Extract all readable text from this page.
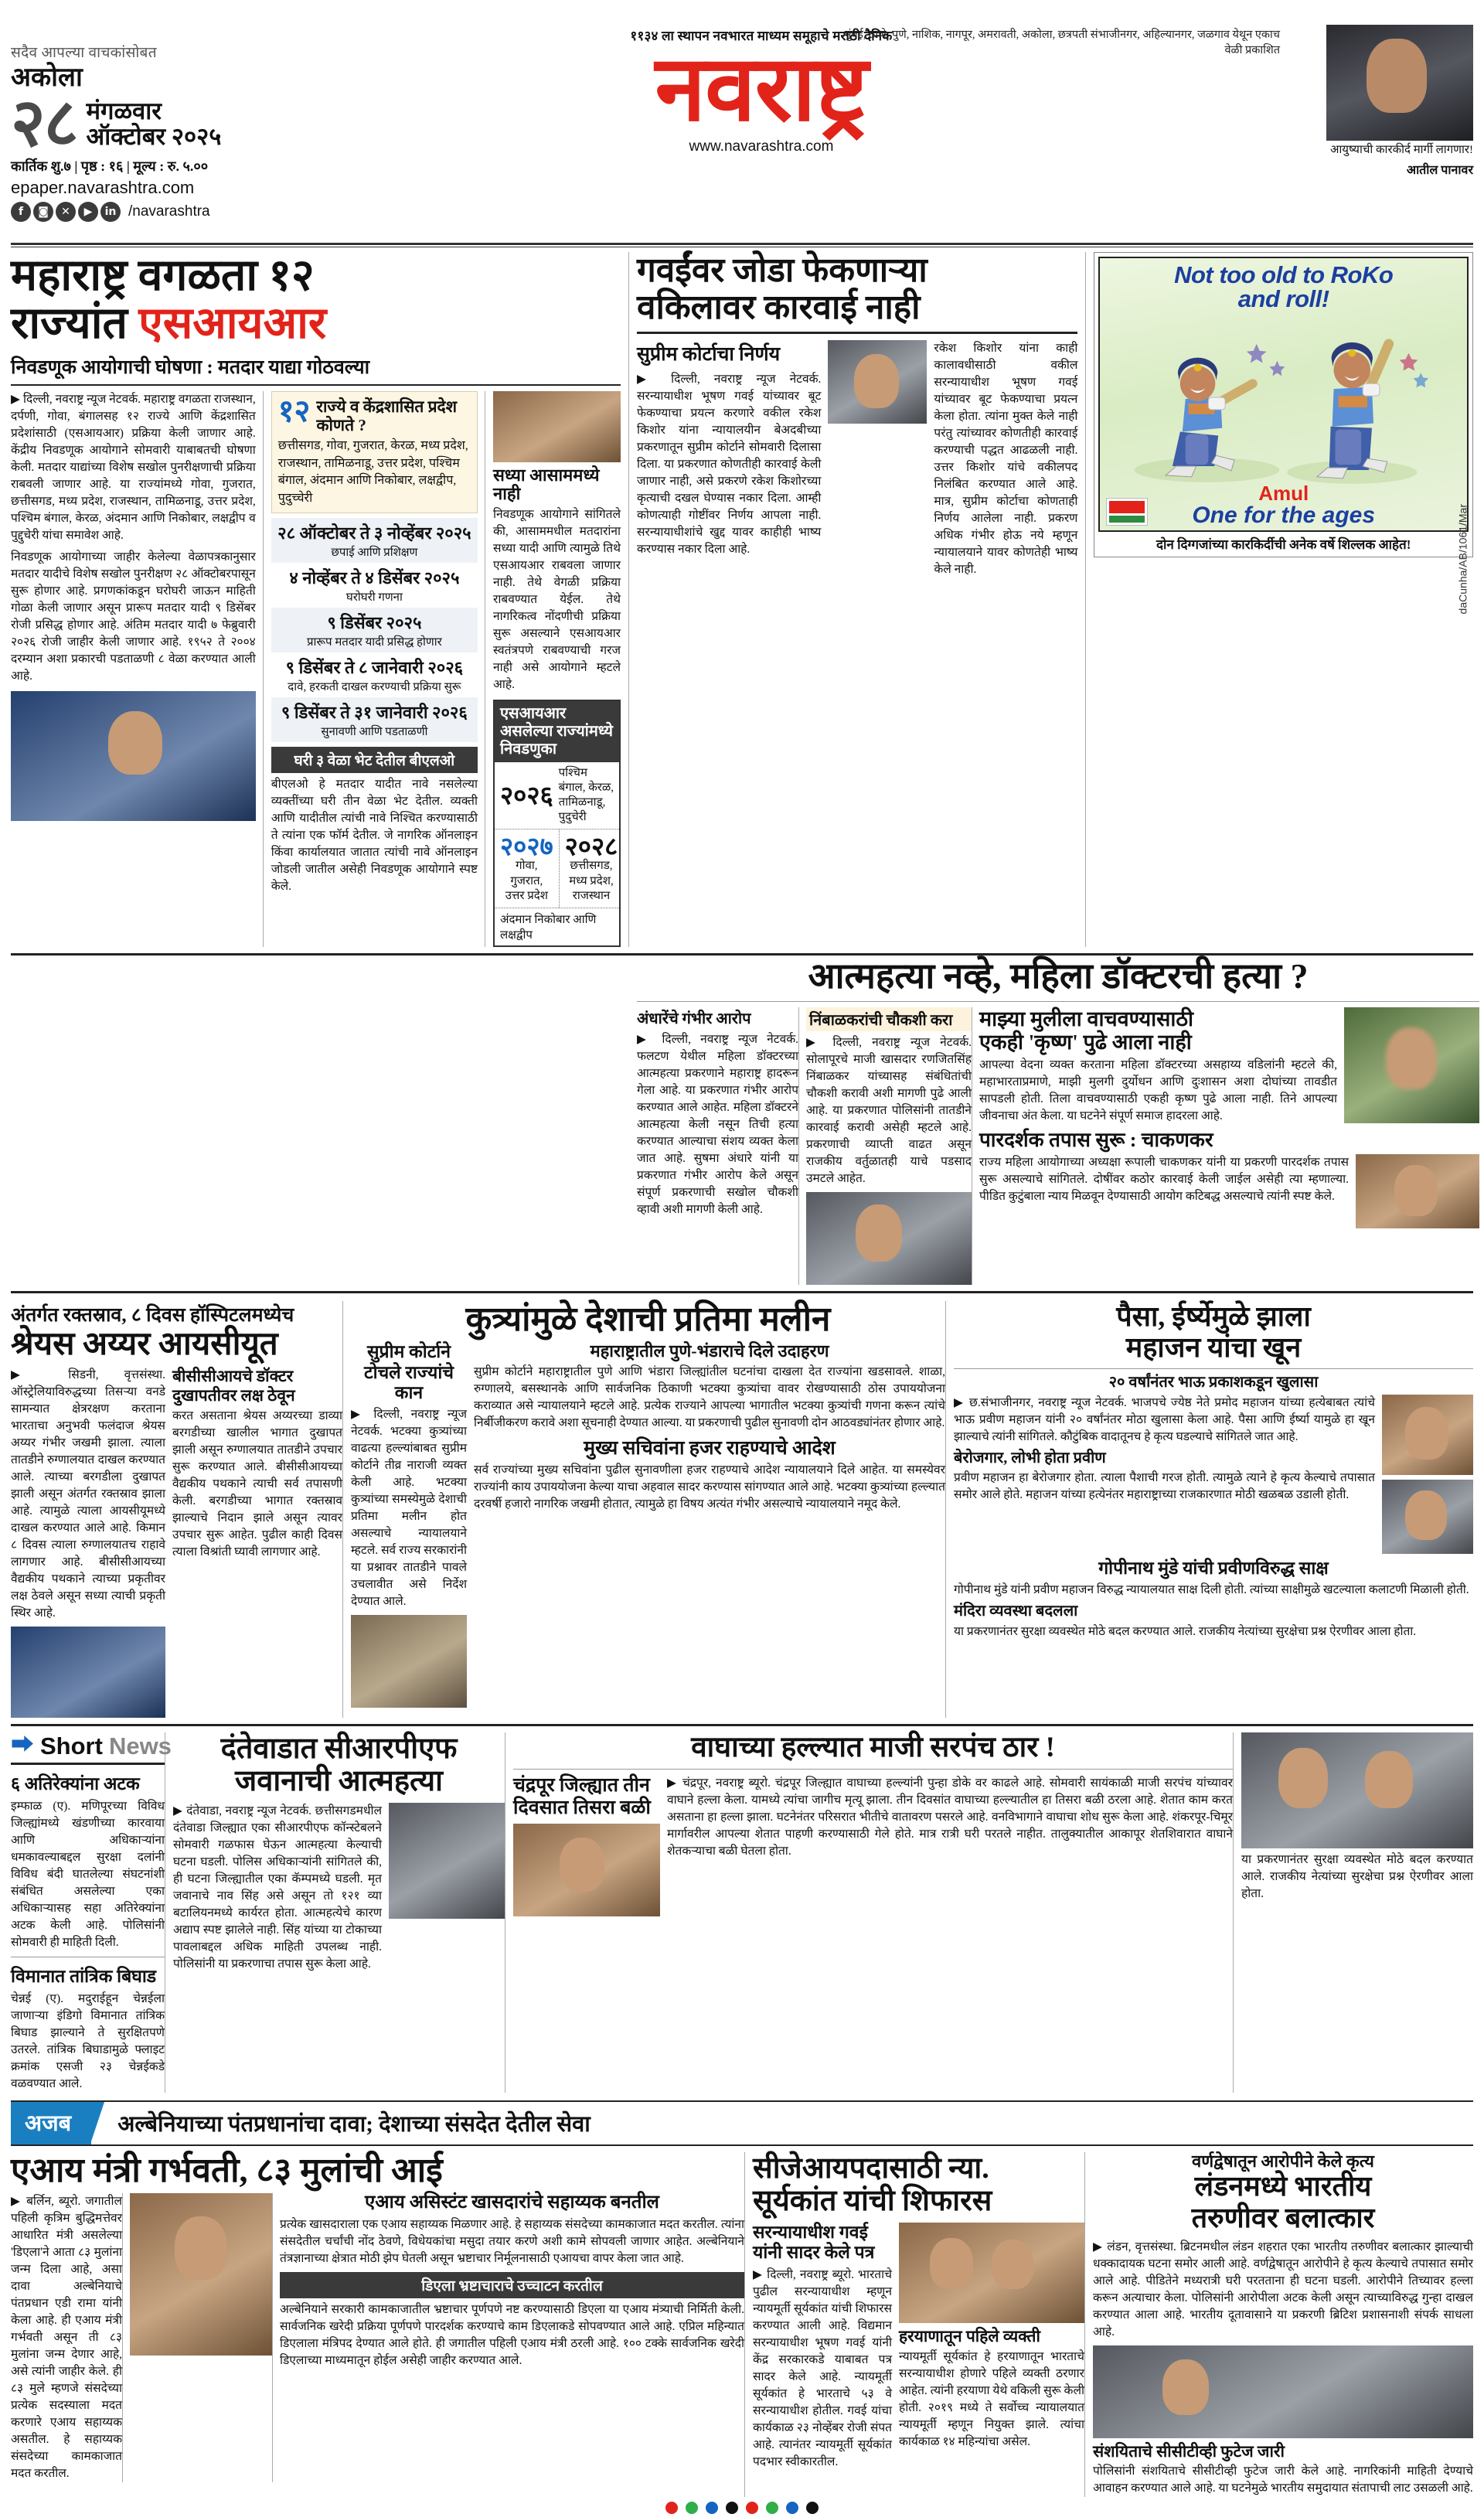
सदैव आपल्या वाचकांसोबत
अकोला
२८ मंगळवार
ऑक्टोबर २०२५
कार्तिक शु.७ | पृष्ठ : १६ | मूल्य : रु. ५.००
epaper.navarashtra.com
f	◙	✕	▶	in /navarashtra
११३४ ला स्थापन नवभारत माध्यम समूहाचे मराठी दैनिक
नवराष्ट्र
www.navarashtra.com
मुंबई, ठाणे, पुणे, नाशिक, नागपूर, अमरावती, अकोला, छत्रपती संभाजीनगर, अहिल्यानगर, जळगाव येथून एकाच वेळी प्रकाशित
आयुष्याची कारकीर्द मार्गी लागणार!
आतील पानावर
महाराष्ट्र वगळता १२
राज्यांत एसआयआर
निवडणूक आयोगाची घोषणा : मतदार याद्या गोठवल्या
▶ दिल्ली, नवराष्ट्र न्यूज नेटवर्क. महाराष्ट्र वगळता राजस्थान, दर्पणी, गोवा, बंगालसह १२ राज्ये आणि केंद्रशासित प्रदेशांसाठी (एसआयआर) प्रक्रिया केली जाणार आहे. केंद्रीय निवडणूक आयोगाने सोमवारी याबाबतची घोषणा केली. मतदार याद्यांच्या विशेष सखोल पुनरीक्षणाची प्रक्रिया राबवली जाणार आहे. या राज्यांमध्ये गोवा, गुजरात, छत्तीसगड, मध्य प्रदेश, राजस्थान, तामिळनाडू, उत्तर प्रदेश, पश्चिम बंगाल, केरळ, अंदमान आणि निकोबार, लक्षद्वीप व पुद्दुचेरी यांचा समावेश आहे.
निवडणूक आयोगाच्या जाहीर केलेल्या वेळापत्रकानुसार मतदार यादीचे विशेष सखोल पुनरीक्षण २८ ऑक्टोबरपासून सुरू होणार आहे. प्रगणकांकडून घरोघरी जाऊन माहिती गोळा केली जाणार असून प्रारूप मतदार यादी ९ डिसेंबर रोजी प्रसिद्ध होणार आहे. अंतिम मतदार यादी ७ फेब्रुवारी २०२६ रोजी जाहीर केली जाणार आहे. १९५२ ते २००४ दरम्यान अशा प्रकारची पडताळणी ८ वेळा करण्यात आली आहे.
१२ राज्ये व केंद्रशासित प्रदेश कोणते ?
छत्तीसगड, गोवा, गुजरात, केरळ, मध्य प्रदेश, राजस्थान, तामिळनाडू, उत्तर प्रदेश, पश्चिम बंगाल, अंदमान आणि निकोबार, लक्षद्वीप, पुदुच्चेरी
२८ ऑक्टोबर ते ३ नोव्हेंबर २०२५
छपाई आणि प्रशिक्षण
४ नोव्हेंबर ते ४ डिसेंबर २०२५
घरोघरी गणना
९ डिसेंबर २०२५
प्रारूप मतदार यादी प्रसिद्ध होणार
९ डिसेंबर ते ८ जानेवारी २०२६
दावे, हरकती दाखल करण्याची प्रक्रिया सुरू
९ डिसेंबर ते ३१ जानेवारी २०२६
सुनावणी आणि पडताळणी
घरी ३ वेळा भेट देतील बीएलओ
बीएलओ हे मतदार यादीत नावे नसलेल्या व्यक्तींच्या घरी तीन वेळा भेट देतील. व्यक्ती आणि यादीतील त्यांची नावे निश्चित करण्यासाठी ते त्यांना एक फॉर्म देतील. जे नागरिक ऑनलाइन किंवा कार्यालयात जातात त्यांची नावे ऑनलाइन जोडली जातील असेही निवडणूक आयोगाने स्पष्ट केले.
सध्या आसाममध्ये नाही
निवडणूक आयोगाने सांगितले की, आसाममधील मतदारांना सध्या यादी आणि त्यामुळे तिथे एसआयआर राबवला जाणार नाही. तेथे वेगळी प्रक्रिया राबवण्यात येईल. तेथे नागरिकत्व नोंदणीची प्रक्रिया सुरू असल्याने एसआयआर स्वतंत्रपणे राबवण्याची गरज नाही असे आयोगाने म्हटले आहे.
एसआयआर असलेल्या राज्यांमध्ये निवडणुका
२०२६
पश्चिम बंगाल, केरळ, तामिळनाडू, पुदुचेरी
२०२७
गोवा, गुजरात, उत्तर प्रदेश
२०२८
छत्तीसगड, मध्य प्रदेश, राजस्थान
अंदमान निकोबार आणि लक्षद्वीप
गवईंवर जोडा फेकणाऱ्या
वकिलावर कारवाई नाही
सुप्रीम कोर्टाचा निर्णय
▶ दिल्ली, नवराष्ट्र न्यूज नेटवर्क. सरन्यायाधीश भूषण गवई यांच्यावर बूट फेकण्याचा प्रयत्न करणारे वकील रकेश किशोर यांना न्यायालयीन बेअदबीच्या प्रकरणातून सुप्रीम कोर्टाने सोमवारी दिलासा दिला. या प्रकरणात कोणतीही कारवाई केली जाणार नाही, असे प्रकरणे रकेश किशोरच्या कृत्याची दखल घेण्यास नकार दिला. आम्ही कोणत्याही गोष्टींवर निर्णय आपला नाही. सरन्यायाधीशांचे खुद्द यावर काहीही भाष्य करण्यास नकार दिला आहे.
रकेश किशोर यांना काही कालावधीसाठी वकील सरन्यायाधीश भूषण गवई यांच्यावर बूट फेकण्याचा प्रयत्न केला होता. त्यांना मुक्त केले नाही परंतु त्यांच्यावर कोणतीही कारवाई करण्याची पद्धत आढळली नाही. उत्तर किशोर यांचे वकीलपद निलंबित करण्यात आले आहे. मात्र, सुप्रीम कोर्टाचा कोणताही निर्णय आलेला नाही. प्रकरण अधिक गंभीर होऊ नये म्हणून न्यायालयाने यावर कोणतेही भाष्य केले नाही.
Not too old to RoKo
and roll!
Amul
One for the ages	daCunha/AB/1061/Mar
दोन दिग्गजांच्या कारकिर्दीची अनेक वर्षे शिल्लक आहेत!
आत्महत्या नव्हे, महिला डॉक्टरची हत्या ?
अंधारेंचे गंभीर आरोप
▶ दिल्ली, नवराष्ट्र न्यूज नेटवर्क. फलटण येथील महिला डॉक्टरच्या आत्महत्या प्रकरणाने महाराष्ट्र हादरून गेला आहे. या प्रकरणात गंभीर आरोप करण्यात आले आहेत. महिला डॉक्टरने आत्महत्या केली नसून तिची हत्या करण्यात आल्याचा संशय व्यक्त केला जात आहे. सुषमा अंधारे यांनी या प्रकरणात गंभीर आरोप केले असून संपूर्ण प्रकरणाची सखोल चौकशी व्हावी अशी मागणी केली आहे.
निंबाळकरांची चौकशी करा
▶ दिल्ली, नवराष्ट्र न्यूज नेटवर्क. सोलापूरचे माजी खासदार रणजितसिंह निंबाळकर यांच्यासह संबंधितांची चौकशी करावी अशी मागणी पुढे आली आहे. या प्रकरणात पोलिसांनी तातडीने कारवाई करावी असेही म्हटले आहे. प्रकरणाची व्याप्ती वाढत असून राजकीय वर्तुळातही याचे पडसाद उमटले आहेत.
माझ्या मुलीला वाचवण्यासाठी
एकही 'कृष्ण' पुढे आला नाही
आपल्या वेदना व्यक्त करताना महिला डॉक्टरच्या असहाय्य वडिलांनी म्हटले की, महाभारताप्रमाणे, माझी मुलगी दुर्योधन आणि दुःशासन अशा दोघांच्या तावडीत सापडली होती. तिला वाचवण्यासाठी एकही कृष्ण पुढे आला नाही. तिने आपल्या जीवनाचा अंत केला. या घटनेने संपूर्ण समाज हादरला आहे.
पारदर्शक तपास सुरू : चाकणकर
राज्य महिला आयोगाच्या अध्यक्षा रूपाली चाकणकर यांनी या प्रकरणी पारदर्शक तपास सुरू असल्याचे सांगितले. दोषींवर कठोर कारवाई केली जाईल असेही त्या म्हणाल्या. पीडित कुटुंबाला न्याय मिळवून देण्यासाठी आयोग कटिबद्ध असल्याचे त्यांनी स्पष्ट केले.
अंतर्गत रक्तस्राव, ८ दिवस हॉस्पिटलमध्येच
श्रेयस अय्यर आयसीयूत
▶ सिडनी, वृत्तसंस्था. ऑस्ट्रेलियाविरुद्धच्या तिसऱ्या वनडे सामन्यात क्षेत्ररक्षण करताना भारताचा अनुभवी फलंदाज श्रेयस अय्यर गंभीर जखमी झाला. त्याला तातडीने रुग्णालयात दाखल करण्यात आले. त्याच्या बरगडीला दुखापत झाली असून अंतर्गत रक्तस्राव झाला आहे. त्यामुळे त्याला आयसीयूमध्ये दाखल करण्यात आले आहे. किमान ८ दिवस त्याला रुग्णालयातच राहावे लागणार आहे. बीसीसीआयच्या वैद्यकीय पथकाने त्याच्या प्रकृतीवर लक्ष ठेवले असून सध्या त्याची प्रकृती स्थिर आहे.
बीसीसीआयचे डॉक्टर दुखापतीवर लक्ष ठेवून
करत असताना श्रेयस अय्यरच्या डाव्या बरगडीच्या खालील भागात दुखापत झाली असून रुग्णालयात तातडीने उपचार सुरू करण्यात आले. बीसीसीआयच्या वैद्यकीय पथकाने त्याची सर्व तपासणी केली. बरगडीच्या भागात रक्तस्राव झाल्याचे निदान झाले असून त्यावर उपचार सुरू आहेत. पुढील काही दिवस त्याला विश्रांती घ्यावी लागणार आहे.
कुत्र्यांमुळे देशाची प्रतिमा मलीन
सुप्रीम कोर्टाने टोचले राज्यांचे कान
▶ दिल्ली, नवराष्ट्र न्यूज नेटवर्क. भटक्या कुत्र्यांच्या वाढत्या हल्ल्यांबाबत सुप्रीम कोर्टाने तीव्र नाराजी व्यक्त केली आहे. भटक्या कुत्र्यांच्या समस्येमुळे देशाची प्रतिमा मलीन होत असल्याचे न्यायालयाने म्हटले. सर्व राज्य सरकारांनी या प्रश्नावर तातडीने पावले उचलावीत असे निर्देश देण्यात आले.
महाराष्ट्रातील पुणे-भंडाराचे दिले उदाहरण
सुप्रीम कोर्टाने महाराष्ट्रातील पुणे आणि भंडारा जिल्ह्यांतील घटनांचा दाखला देत राज्यांना खडसावले. शाळा, रुग्णालये, बसस्थानके आणि सार्वजनिक ठिकाणी भटक्या कुत्र्यांचा वावर रोखण्यासाठी ठोस उपाययोजना कराव्यात असे न्यायालयाने म्हटले आहे. प्रत्येक राज्याने आपल्या भागातील भटक्या कुत्र्यांची गणना करून त्यांचे निर्बीजीकरण करावे अशा सूचनाही देण्यात आल्या. या प्रकरणाची पुढील सुनावणी दोन आठवड्यांनंतर होणार आहे.
मुख्य सचिवांना हजर राहण्याचे आदेश
सर्व राज्यांच्या मुख्य सचिवांना पुढील सुनावणीला हजर राहण्याचे आदेश न्यायालयाने दिले आहेत. या समस्येवर राज्यांनी काय उपाययोजना केल्या याचा अहवाल सादर करण्यास सांगण्यात आले आहे. भटक्या कुत्र्यांच्या हल्ल्यात दरवर्षी हजारो नागरिक जखमी होतात, त्यामुळे हा विषय अत्यंत गंभीर असल्याचे न्यायालयाने नमूद केले.
पैसा, ईर्ष्येमुळे झाला
महाजन यांचा खून
२० वर्षांनंतर भाऊ प्रकाशकडून खुलासा
▶ छ.संभाजीनगर, नवराष्ट्र न्यूज नेटवर्क. भाजपचे ज्येष्ठ नेते प्रमोद महाजन यांच्या हत्येबाबत त्यांचे भाऊ प्रवीण महाजन यांनी २० वर्षांनंतर मोठा खुलासा केला आहे. पैसा आणि ईर्ष्या यामुळे हा खून झाल्याचे त्यांनी सांगितले. कौटुंबिक वादातूनच हे कृत्य घडल्याचे सांगितले जात आहे.
बेरोजगार, लोभी होता प्रवीण
प्रवीण महाजन हा बेरोजगार होता. त्याला पैशाची गरज होती. त्यामुळे त्याने हे कृत्य केल्याचे तपासात समोर आले होते. महाजन यांच्या हत्येनंतर महाराष्ट्राच्या राजकारणात मोठी खळबळ उडाली होती.
गोपीनाथ मुंडे यांची प्रवीणविरुद्ध साक्ष
गोपीनाथ मुंडे यांनी प्रवीण महाजन विरुद्ध न्यायालयात साक्ष दिली होती. त्यांच्या साक्षीमुळे खटल्याला कलाटणी मिळाली होती.
मंदिरा व्यवस्था बदलला
या प्रकरणानंतर सुरक्षा व्यवस्थेत मोठे बदल करण्यात आले. राजकीय नेत्यांच्या सुरक्षेचा प्रश्न ऐरणीवर आला होता.
⮕ Short News
६ अतिरेक्यांना अटक
इम्फाळ (ए). मणिपूरच्या विविध जिल्ह्यांमध्ये खंडणीच्या कारवाया आणि अधिकाऱ्यांना धमकावल्याबद्दल सुरक्षा दलांनी विविध बंदी घातलेल्या संघटनांशी संबंधित असलेल्या एका अधिकाऱ्यासह सहा अतिरेक्यांना अटक केली आहे. पोलिसांनी सोमवारी ही माहिती दिली.
विमानात तांत्रिक बिघाड
चेन्नई (ए). मदुराईहून चेन्नईला जाणाऱ्या इंडिगो विमानात तांत्रिक बिघाड झाल्याने ते सुरक्षितपणे उतरले. तांत्रिक बिघाडामुळे फ्लाइट क्रमांक एसजी २३ चेन्नईकडे वळवण्यात आले.
दंतेवाडात सीआरपीएफ
जवानाची आत्महत्या
▶ दंतेवाडा, नवराष्ट्र न्यूज नेटवर्क. छत्तीसगडमधील दंतेवाडा जिल्ह्यात एका सीआरपीएफ कॉन्स्टेबलने सोमवारी गळफास घेऊन आत्महत्या केल्याची घटना घडली. पोलिस अधिकाऱ्यांनी सांगितले की, ही घटना जिल्ह्यातील एका कॅम्पमध्ये घडली. मृत जवानाचे नाव सिंह असे असून तो १२१ व्या बटालियनमध्ये कार्यरत होता. आत्महत्येचे कारण अद्याप स्पष्ट झालेले नाही. सिंह यांच्या या टोकाच्या पावलाबद्दल अधिक माहिती उपलब्ध नाही. पोलिसांनी या प्रकरणाचा तपास सुरू केला आहे.
वाघाच्या हल्ल्यात माजी सरपंच ठार !
चंद्रपूर जिल्ह्यात तीन
दिवसात तिसरा बळी
▶ चंद्रपूर, नवराष्ट्र ब्यूरो. चंद्रपूर जिल्ह्यात वाघाच्या हल्ल्यांनी पुन्हा डोके वर काढले आहे. सोमवारी सायंकाळी माजी सरपंच यांच्यावर वाघाने हल्ला केला. यामध्ये त्यांचा जागीच मृत्यू झाला. तीन दिवसांत वाघाच्या हल्ल्यातील हा तिसरा बळी ठरला आहे. शेतात काम करत असताना हा हल्ला झाला. घटनेनंतर परिसरात भीतीचे वातावरण पसरले आहे. वनविभागाने वाघाचा शोध सुरू केला आहे. शंकरपूर-चिमूर मार्गावरील आपल्या शेतात पाहणी करण्यासाठी गेले होते. मात्र रात्री घरी परतले नाहीत. तालुक्यातील आकापूर शेतशिवारात वाघाने शेतकऱ्याचा बळी घेतला होता.
या प्रकरणानंतर सुरक्षा व्यवस्थेत मोठे बदल करण्यात आले. राजकीय नेत्यांच्या सुरक्षेचा प्रश्न ऐरणीवर आला होता.
अजब	अल्बेनियाच्या पंतप्रधानांचा दावा; देशाच्या संसदेत देतील सेवा
एआय मंत्री गर्भवती, ८३ मुलांची आई
▶ बर्लिन, ब्यूरो. जगातील पहिली कृत्रिम बुद्धिमत्तेवर आधारित मंत्री असलेल्या 'डिएला'ने आता ८३ मुलांना जन्म दिला आहे, असा दावा अल्बेनियाचे पंतप्रधान एडी रामा यांनी केला आहे. ही एआय मंत्री गर्भवती असून ती ८३ मुलांना जन्म देणार आहे, असे त्यांनी जाहीर केले. ही ८३ मुले म्हणजे संसदेच्या प्रत्येक सदस्याला मदत करणारे एआय सहाय्यक असतील. हे सहाय्यक संसदेच्या कामकाजात मदत करतील.
एआय असिस्टंट खासदारांचे सहाय्यक बनतील
प्रत्येक खासदाराला एक एआय सहाय्यक मिळणार आहे. हे सहाय्यक संसदेच्या कामकाजात मदत करतील. त्यांना संसदेतील चर्चांची नोंद ठेवणे, विधेयकांचा मसुदा तयार करणे अशी कामे सोपवली जाणार आहेत. अल्बेनियाने तंत्रज्ञानाच्या क्षेत्रात मोठी झेप घेतली असून भ्रष्टाचार निर्मूलनासाठी एआयचा वापर केला जात आहे.
डिएला भ्रष्टाचाराचे उच्चाटन करतील
अल्बेनियाने सरकारी कामकाजातील भ्रष्टाचार पूर्णपणे नष्ट करण्यासाठी डिएला या एआय मंत्र्याची निर्मिती केली. सार्वजनिक खरेदी प्रक्रिया पूर्णपणे पारदर्शक करण्याचे काम डिएलाकडे सोपवण्यात आले आहे. एप्रिल महिन्यात डिएलाला मंत्रिपद देण्यात आले होते. ही जगातील पहिली एआय मंत्री ठरली आहे. १०० टक्के सार्वजनिक खरेदी डिएलाच्या माध्यमातून होईल असेही जाहीर करण्यात आले.
सीजेआयपदासाठी न्या.
सूर्यकांत यांची शिफारस
सरन्यायाधीश गवई यांनी सादर केले पत्र
▶ दिल्ली, नवराष्ट्र ब्यूरो. भारताचे पुढील सरन्यायाधीश म्हणून न्यायमूर्ती सूर्यकांत यांची शिफारस करण्यात आली आहे. विद्यमान सरन्यायाधीश भूषण गवई यांनी केंद्र सरकारकडे याबाबत पत्र सादर केले आहे. न्यायमूर्ती सूर्यकांत हे भारताचे ५३ वे सरन्यायाधीश होतील. गवई यांचा कार्यकाळ २३ नोव्हेंबर रोजी संपत आहे. त्यानंतर न्यायमूर्ती सूर्यकांत पदभार स्वीकारतील.
हरयाणातून पहिले व्यक्ती
न्यायमूर्ती सूर्यकांत हे हरयाणातून भारताचे सरन्यायाधीश होणारे पहिले व्यक्ती ठरणार आहेत. त्यांनी हरयाणा येथे वकिली सुरू केली होती. २०१९ मध्ये ते सर्वोच्च न्यायालयात न्यायमूर्ती म्हणून नियुक्त झाले. त्यांचा कार्यकाळ १४ महिन्यांचा असेल.
वर्णद्वेषातून आरोपीने केले कृत्य
लंडनमध्ये भारतीय
तरुणीवर बलात्कार
▶ लंडन, वृत्तसंस्था. ब्रिटनमधील लंडन शहरात एका भारतीय तरुणीवर बलात्कार झाल्याची धक्कादायक घटना समोर आली आहे. वर्णद्वेषातून आरोपीने हे कृत्य केल्याचे तपासात समोर आले आहे. पीडितेने मध्यरात्री घरी परतताना ही घटना घडली. आरोपीने तिच्यावर हल्ला करून अत्याचार केला. पोलिसांनी आरोपीला अटक केली असून त्याच्याविरुद्ध गुन्हा दाखल करण्यात आला आहे. भारतीय दूतावासाने या प्रकरणी ब्रिटिश प्रशासनाशी संपर्क साधला आहे.
संशयिताचे सीसीटीव्ही फुटेज जारी
पोलिसांनी संशयिताचे सीसीटीव्ही फुटेज जारी केले आहे. नागरिकांनी माहिती देण्याचे आवाहन करण्यात आले आहे. या घटनेमुळे भारतीय समुदायात संतापाची लाट उसळली आहे.
